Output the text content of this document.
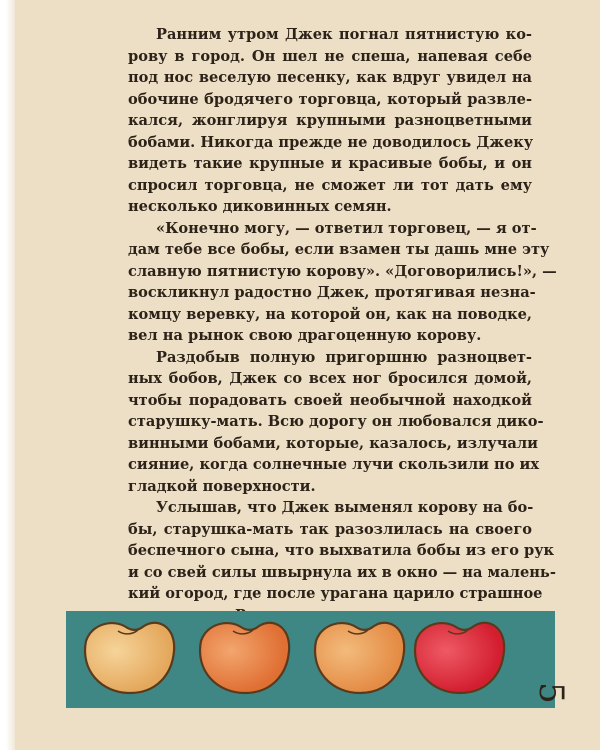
Ранним утром Джек погнал пятнистую ко-
рову в город. Он шел не спеша, напевая себе
под нос веселую песенку, как вдруг увидел на
обочине бродячего торговца, который развле-
кался, жонглируя крупными разноцветными
бобами. Никогда прежде не доводилось Джеку
видеть такие крупные и красивые бобы, и он
спросил торговца, не сможет ли тот дать ему
несколько диковинных семян.
«Конечно могу, — ответил торговец, — я от-
дам тебе все бобы, если взамен ты дашь мне эту
славную пятнистую корову». «Договорились!», —
воскликнул радостно Джек, протягивая незна-
комцу веревку, на которой он, как на поводке,
вел на рынок свою драгоценную корову.
Раздобыв полную пригоршню разноцвет-
ных бобов, Джек со всех ног бросился домой,
чтобы порадовать своей необычной находкой
старушку-мать. Всю дорогу он любовался дико-
винными бобами, которые, казалось, излучали
сияние, когда солнечные лучи скользили по их
гладкой поверхности.
Услышав, что Джек выменял корову на бо-
бы, старушка-мать так разозлилась на своего
беспечного сына, что выхватила бобы из его рук
и со свей силы швырнула их в окно — на малень-
кий огород, где после урагана царило страшное
5
